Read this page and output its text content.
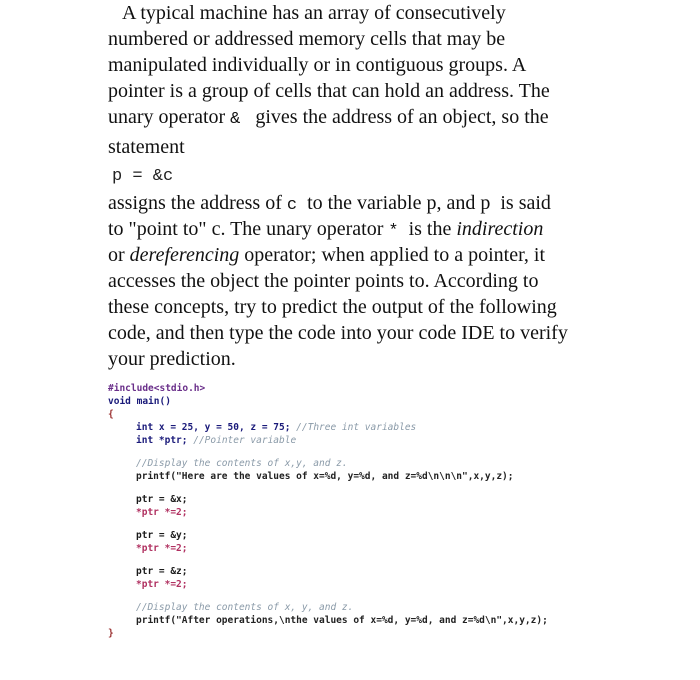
A typical machine has an array of consecutively
numbered or addressed memory cells that may be
manipulated individually or in contiguous groups. A
pointer is a group of cells that can hold an address. The
unary operator & gives the address of an object, so the
statement
p = &c
assigns the address of c to the variable p, and p is said
to "point to" c. The unary operator * is the indirection
or dereferencing operator; when applied to a pointer, it
accesses the object the pointer points to. According to
these concepts, try to predict the output of the following
code, and then type the code into your code IDE to verify
your prediction.
#include<stdio.h>
void main()
{
int x = 25, y = 50, z = 75; //Three int variables
int *ptr; //Pointer variable
//Display the contents of x,y, and z.
printf("Here are the values of x=%d, y=%d, and z=%d\n\n\n",x,y,z);
ptr = &x;
*ptr *=2;
ptr = &y;
*ptr *=2;
ptr = &z;
*ptr *=2;
//Display the contents of x, y, and z.
printf("After operations,\nthe values of x=%d, y=%d, and z=%d\n",x,y,z);
}
